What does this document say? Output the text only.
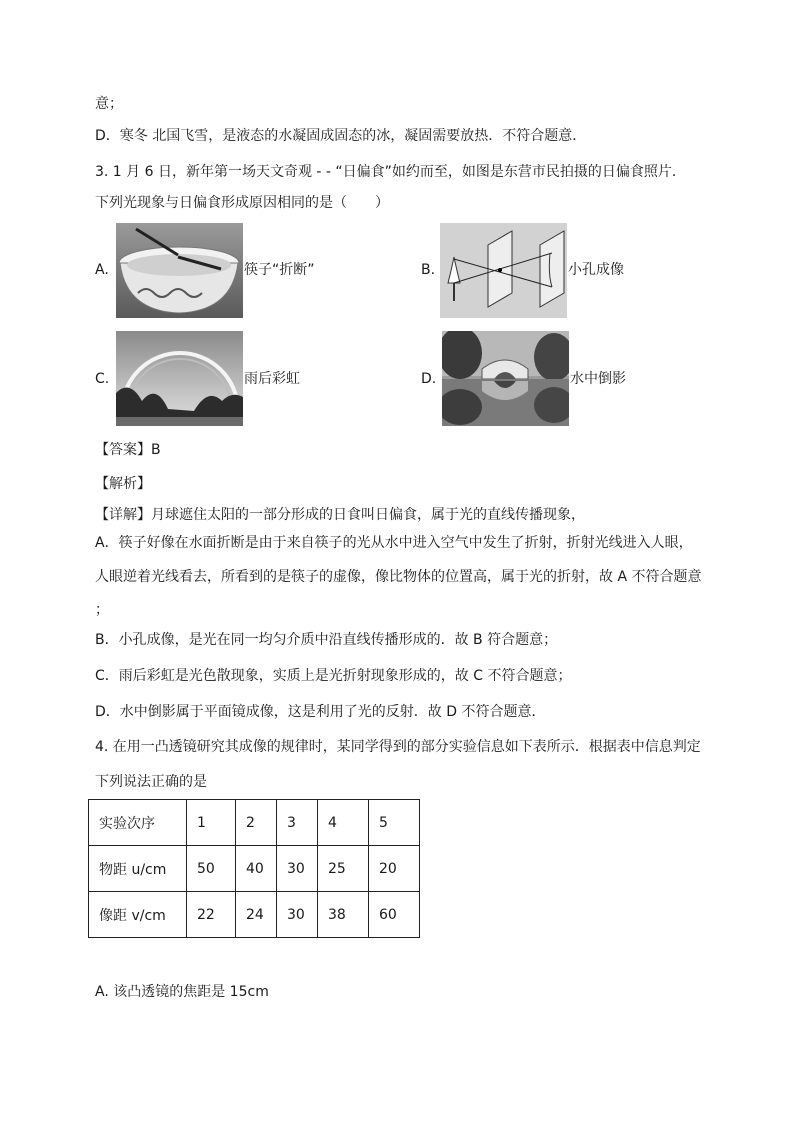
意；
D．寒冬 北国飞雪，是液态的水凝固成固态的冰，凝固需要放热．不符合题意．
3. 1 月 6 日，新年第一场天文奇观 - - “日偏食”如约而至，如图是东营市民拍摄的日偏食照片．
下列光现象与日偏食形成原因相同的是（　　）
A.	筷子“折断”	B.	小孔成像
C.	雨后彩虹	D.	水中倒影
【答案】B
【解析】
【详解】月球遮住太阳的一部分形成的日食叫日偏食，属于光的直线传播现象，
A．筷子好像在水面折断是由于来自筷子的光从水中进入空气中发生了折射，折射光线进入人眼，
人眼逆着光线看去，所看到的是筷子的虚像，像比物体的位置高，属于光的折射，故 A 不符合题意
；
B．小孔成像，是光在同一均匀介质中沿直线传播形成的．故 B 符合题意；
C．雨后彩虹是光色散现象，实质上是光折射现象形成的，故 C 不符合题意；
D．水中倒影属于平面镜成像，这是利用了光的反射．故 D 不符合题意．
4. 在用一凸透镜研究其成像的规律时，某同学得到的部分实验信息如下表所示．根据表中信息判定
下列说法正确的是
实验次序	1	2	3	4	5
物距 u/cm	50	40	30	25	20
像距 v/cm	22	24	30	38	60
A. 该凸透镜的焦距是 15cm
